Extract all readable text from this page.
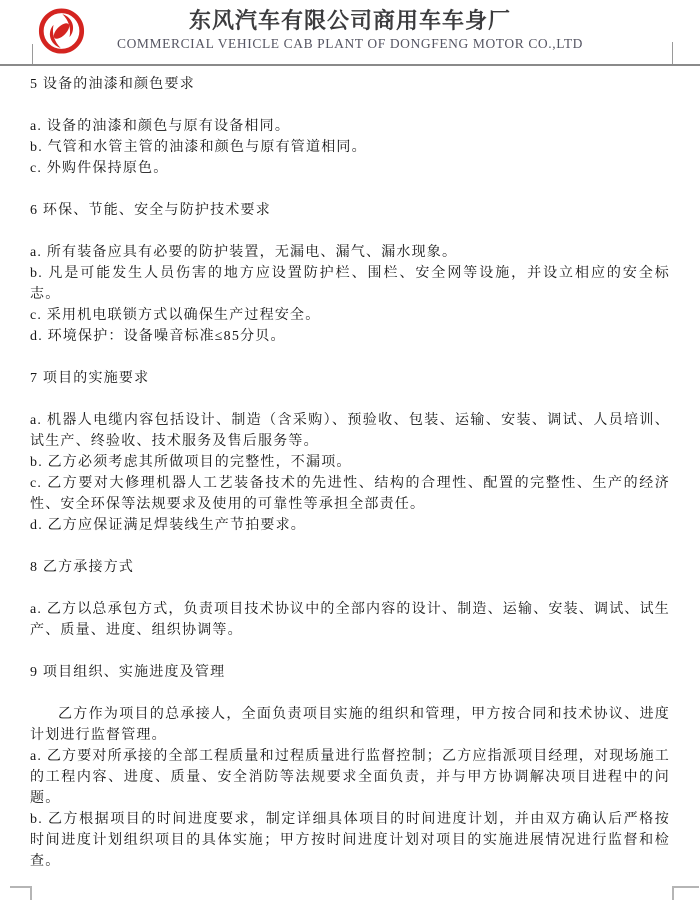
东风汽车有限公司商用车车身厂
COMMERCIAL VEHICLE CAB PLANT OF DONGFENG MOTOR CO.,LTD

5 设备的油漆和颜色要求

a. 设备的油漆和颜色与原有设备相同。

b. 气管和水管主管的油漆和颜色与原有管道相同。

c. 外购件保持原色。

6 环保、节能、安全与防护技术要求

a. 所有装备应具有必要的防护装置，无漏电、漏气、漏水现象。

b. 凡是可能发生人员伤害的地方应设置防护栏、围栏、安全网等设施，并设立相应的安全标志。

c. 采用机电联锁方式以确保生产过程安全。

d. 环境保护：设备噪音标准≤85分贝。

7 项目的实施要求

a. 机器人电缆内容包括设计、制造（含采购）、预验收、包装、运输、安装、调试、人员培训、试生产、终验收、技术服务及售后服务等。

b. 乙方必须考虑其所做项目的完整性，不漏项。

c. 乙方要对大修理机器人工艺装备技术的先进性、结构的合理性、配置的完整性、生产的经济性、安全环保等法规要求及使用的可靠性等承担全部责任。

d. 乙方应保证满足焊装线生产节拍要求。

8 乙方承接方式

a. 乙方以总承包方式，负责项目技术协议中的全部内容的设计、制造、运输、安装、调试、试生产、质量、进度、组织协调等。

9 项目组织、实施进度及管理

乙方作为项目的总承接人，全面负责项目实施的组织和管理，甲方按合同和技术协议、进度计划进行监督管理。

a. 乙方要对所承接的全部工程质量和过程质量进行监督控制；乙方应指派项目经理，对现场施工的工程内容、进度、质量、安全消防等法规要求全面负责，并与甲方协调解决项目进程中的问题。

b. 乙方根据项目的时间进度要求，制定详细具体项目的时间进度计划，并由双方确认后严格按时间进度计划组织项目的具体实施；甲方按时间进度计划对项目的实施进展情况进行监督和检查。
